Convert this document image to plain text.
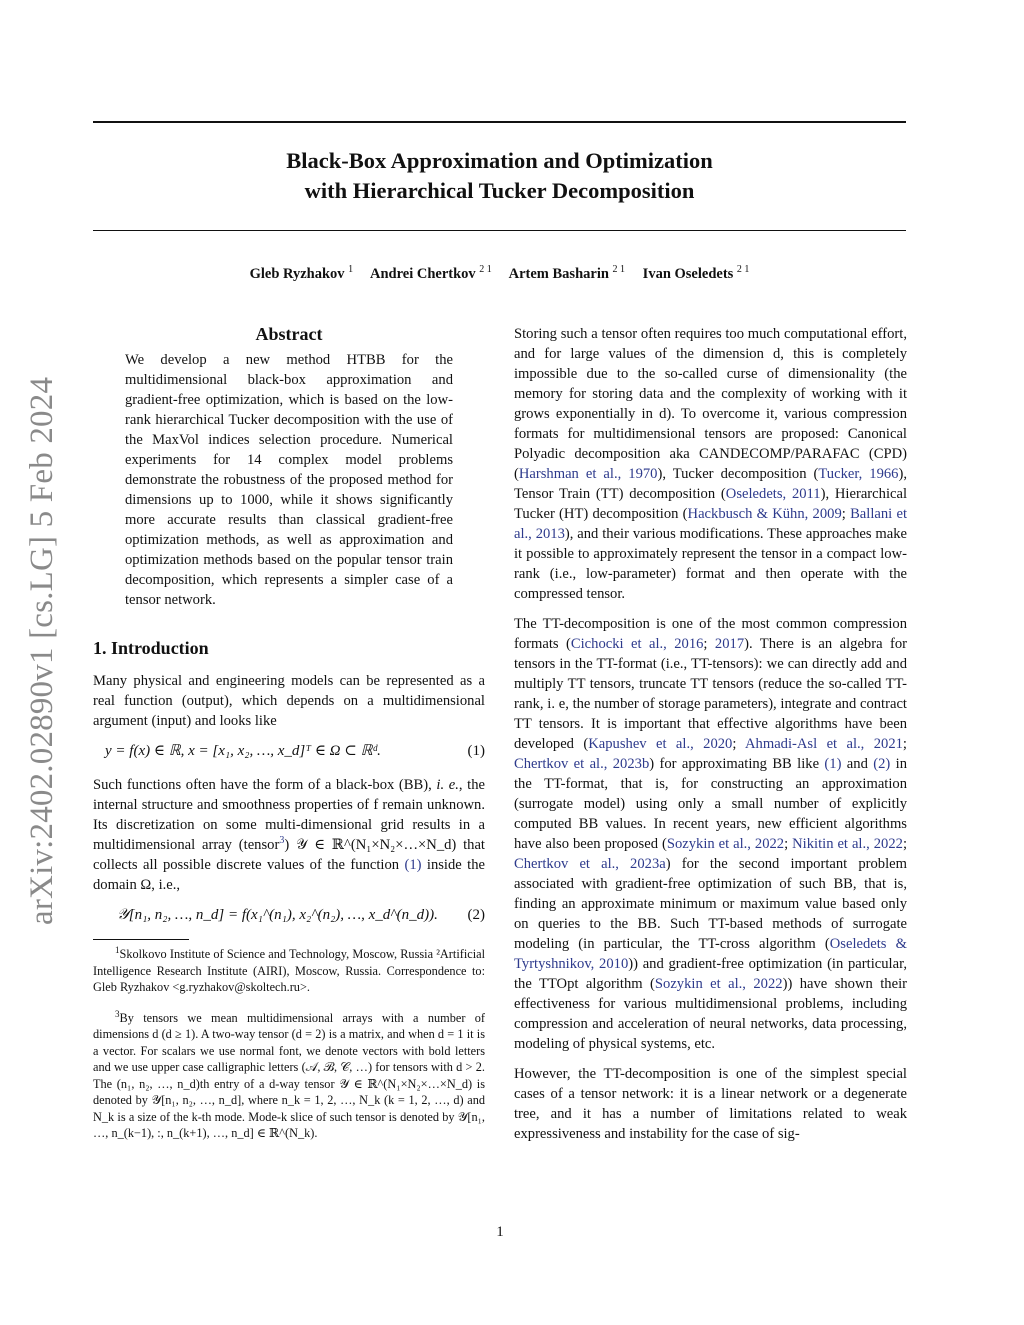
Black-Box Approximation and Optimization
with Hierarchical Tucker Decomposition
Gleb Ryzhakov $^1$ Andrei Chertkov $^{2 1}$ Artem Basharin $^{2 1}$ Ivan Oseledets $^{2 1}$
arXiv:2402.02890v1 [cs.LG] 5 Feb 2024
Abstract
We develop a new method HTBB for the multidimensional black-box approximation and gradient-free optimization, which is based on the low-rank hierarchical Tucker decomposition with the use of the MaxVol indices selection procedure. Numerical experiments for 14 complex model problems demonstrate the robustness of the proposed method for dimensions up to 1000, while it shows significantly more accurate results than classical gradient-free optimization methods, as well as approximation and optimization methods based on the popular tensor train decomposition, which represents a simpler case of a tensor network.
1. Introduction

Many physical and engineering models can be represented as a real function (output), which depends on a multidimensional argument (input) and looks like

y = f(x) ∈ ℝ, x = [x₁, x₂, …, x_d]ᵀ ∈ Ω ⊂ ℝᵈ.	(1)

Such functions often have the form of a black-box (BB), i. e., the internal structure and smoothness properties of f remain unknown. Its discretization on some multi-dimensional grid results in a multidimensional array (tensor$^3$) 𝒴 ∈ ℝ^(N₁×N₂×…×N_d) that collects all possible discrete values of the function (1) inside the domain Ω, i.e.,

𝒴[n₁, n₂, …, n_d] = f(x₁^(n₁), x₂^(n₂), …, x_d^(n_d)). (2)

$^1$Skolkovo Institute of Science and Technology, Moscow, Russia ²Artificial Intelligence Research Institute (AIRI), Moscow, Russia. Correspondence to: Gleb Ryzhakov <g.ryzhakov@skoltech.ru>.

$^3$By tensors we mean multidimensional arrays with a number of dimensions d (d ≥ 1). A two-way tensor (d = 2) is a matrix, and when d = 1 it is a vector. For scalars we use normal font, we denote vectors with bold letters and we use upper case calligraphic letters (𝒜, ℬ, 𝒞, …) for tensors with d > 2. The (n₁, n₂, …, n_d)th entry of a d-way tensor 𝒴 ∈ ℝ^(N₁×N₂×…×N_d) is denoted by 𝒴[n₁, n₂, …, n_d], where n_k = 1, 2, …, N_k (k = 1, 2, …, d) and N_k is a size of the k-th mode. Mode-k slice of such tensor is denoted by 𝒴[n₁, …, n_(k−1), :, n_(k+1), …, n_d] ∈ ℝ^(N_k).

Storing such a tensor often requires too much computational effort, and for large values of the dimension d, this is completely impossible due to the so-called curse of dimensionality (the memory for storing data and the complexity of working with it grows exponentially in d). To overcome it, various compression formats for multidimensional tensors are proposed: Canonical Polyadic decomposition aka CANDECOMP/PARAFAC (CPD) (Harshman et al., 1970), Tucker decomposition (Tucker, 1966), Tensor Train (TT) decomposition (Oseledets, 2011), Hierarchical Tucker (HT) decomposition (Hackbusch & Kühn, 2009; Ballani et al., 2013), and their various modifications. These approaches make it possible to approximately represent the tensor in a compact low-rank (i.e., low-parameter) format and then operate with the compressed tensor.

The TT-decomposition is one of the most common compression formats (Cichocki et al., 2016; 2017). There is an algebra for tensors in the TT-format (i.e., TT-tensors): we can directly add and multiply TT tensors, truncate TT tensors (reduce the so-called TT-rank, i. e, the number of storage parameters), integrate and contract TT tensors. It is important that effective algorithms have been developed (Kapushev et al., 2020; Ahmadi-Asl et al., 2021; Chertkov et al., 2023b) for approximating BB like (1) and (2) in the TT-format, that is, for constructing an approximation (surrogate model) using only a small number of explicitly computed BB values. In recent years, new efficient algorithms have also been proposed (Sozykin et al., 2022; Nikitin et al., 2022; Chertkov et al., 2023a) for the second important problem associated with gradient-free optimization of such BB, that is, finding an approximate minimum or maximum value based only on queries to the BB. Such TT-based methods of surrogate modeling (in particular, the TT-cross algorithm (Oseledets & Tyrtyshnikov, 2010)) and gradient-free optimization (in particular, the TTOpt algorithm (Sozykin et al., 2022)) have shown their effectiveness for various multidimensional problems, including compression and acceleration of neural networks, data processing, modeling of physical systems, etc.

However, the TT-decomposition is one of the simplest special cases of a tensor network: it is a linear network or a degenerate tree, and it has a number of limitations related to weak expressiveness and instability for the case of sig-

1
